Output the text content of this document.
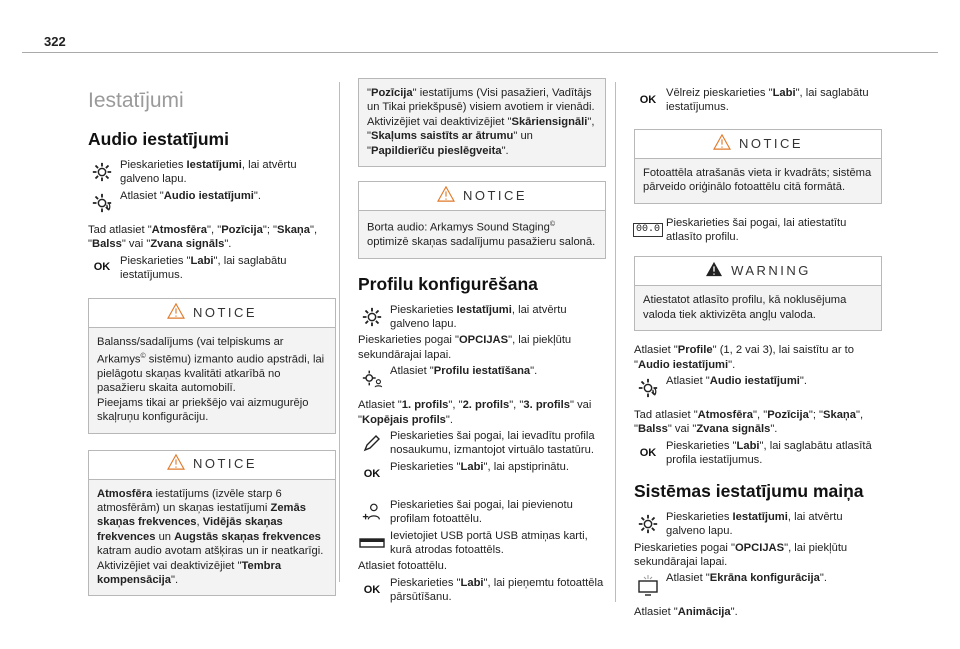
322
Iestatījumi
Audio iestatījumi
Pieskarieties Iestatījumi, lai atvērtu galveno lapu.
Atlasiet "Audio iestatījumi".
Tad atlasiet "Atmosfēra", "Pozīcija"; "Skaņa", "Balss" vai "Zvana signāls".
OK
Pieskarieties "Labi", lai saglabātu iestatījumus.
NOTICE
Balanss/sadalījums (vai telpiskums ar Arkamys© sistēmu) izmanto audio apstrādi, lai pielāgotu skaņas kvalitāti atkarībā no pasažieru skaita automobilī.
Pieejams tikai ar priekšējo vai aizmugurējo skaļruņu konfigurāciju.
NOTICE
Atmosfēra iestatījums (izvēle starp 6 atmosfērām) un skaņas iestatījumi Zemās skaņas frekvences, Vidējās skaņas frekvences un Augstās skaņas frekvences katram audio avotam atšķiras un ir neatkarīgi. Aktivizējiet vai deaktivizējiet "Tembra kompensācija".
"Pozīcija" iestatījums (Visi pasažieri, Vadītājs un Tikai priekšpusē) visiem avotiem ir vienādi.
Aktivizējiet vai deaktivizējiet "Skāriensignāli", "Skaļums saistīts ar ātrumu" un "Papildierīču pieslēgveita".
NOTICE
Borta audio: Arkamys Sound Staging© optimizē skaņas sadalījumu pasažieru salonā.
Profilu konfigurēšana
Pieskarieties Iestatījumi, lai atvērtu galveno lapu.
Pieskarieties pogai "OPCIJAS", lai piekļūtu sekundārajai lapai.
Atlasiet "Profilu iestatīšana".
Atlasiet "1. profils", "2. profils", "3. profils" vai "Kopējais profils".
Pieskarieties šai pogai, lai ievadītu profila nosaukumu, izmantojot virtuālo tastatūru.
OK
Pieskarieties "Labi", lai apstiprinātu.
Pieskarieties šai pogai, lai pievienotu profilam fotoattēlu.
Ievietojiet USB portā USB atmiņas karti, kurā atrodas fotoattēls.
Atlasiet fotoattēlu.
OK
Pieskarieties "Labi", lai pieņemtu fotoattēla pārsūtīšanu.
OK
Vēlreiz pieskarieties "Labi", lai saglabātu iestatījumus.
NOTICE
Fotoattēla atrašanās vieta ir kvadrāts; sistēma pārveido oriģinālo fotoattēlu citā formātā.
00.0
Pieskarieties šai pogai, lai atiestatītu atlasīto profilu.
WARNING
Atiestatot atlasīto profilu, kā noklusējuma valoda tiek aktivizēta angļu valoda.
Atlasiet "Profile" (1, 2 vai 3), lai saistītu ar to "Audio iestatījumi".
Atlasiet "Audio iestatījumi".
Tad atlasiet "Atmosfēra", "Pozīcija"; "Skaņa", "Balss" vai "Zvana signāls".
OK
Pieskarieties "Labi", lai saglabātu atlasītā profila iestatījumus.
Sistēmas iestatījumu maiņa
Pieskarieties Iestatījumi, lai atvērtu galveno lapu.
Pieskarieties pogai "OPCIJAS", lai piekļūtu sekundārajai lapai.
Atlasiet "Ekrāna konfigurācija".
Atlasiet "Animācija".
